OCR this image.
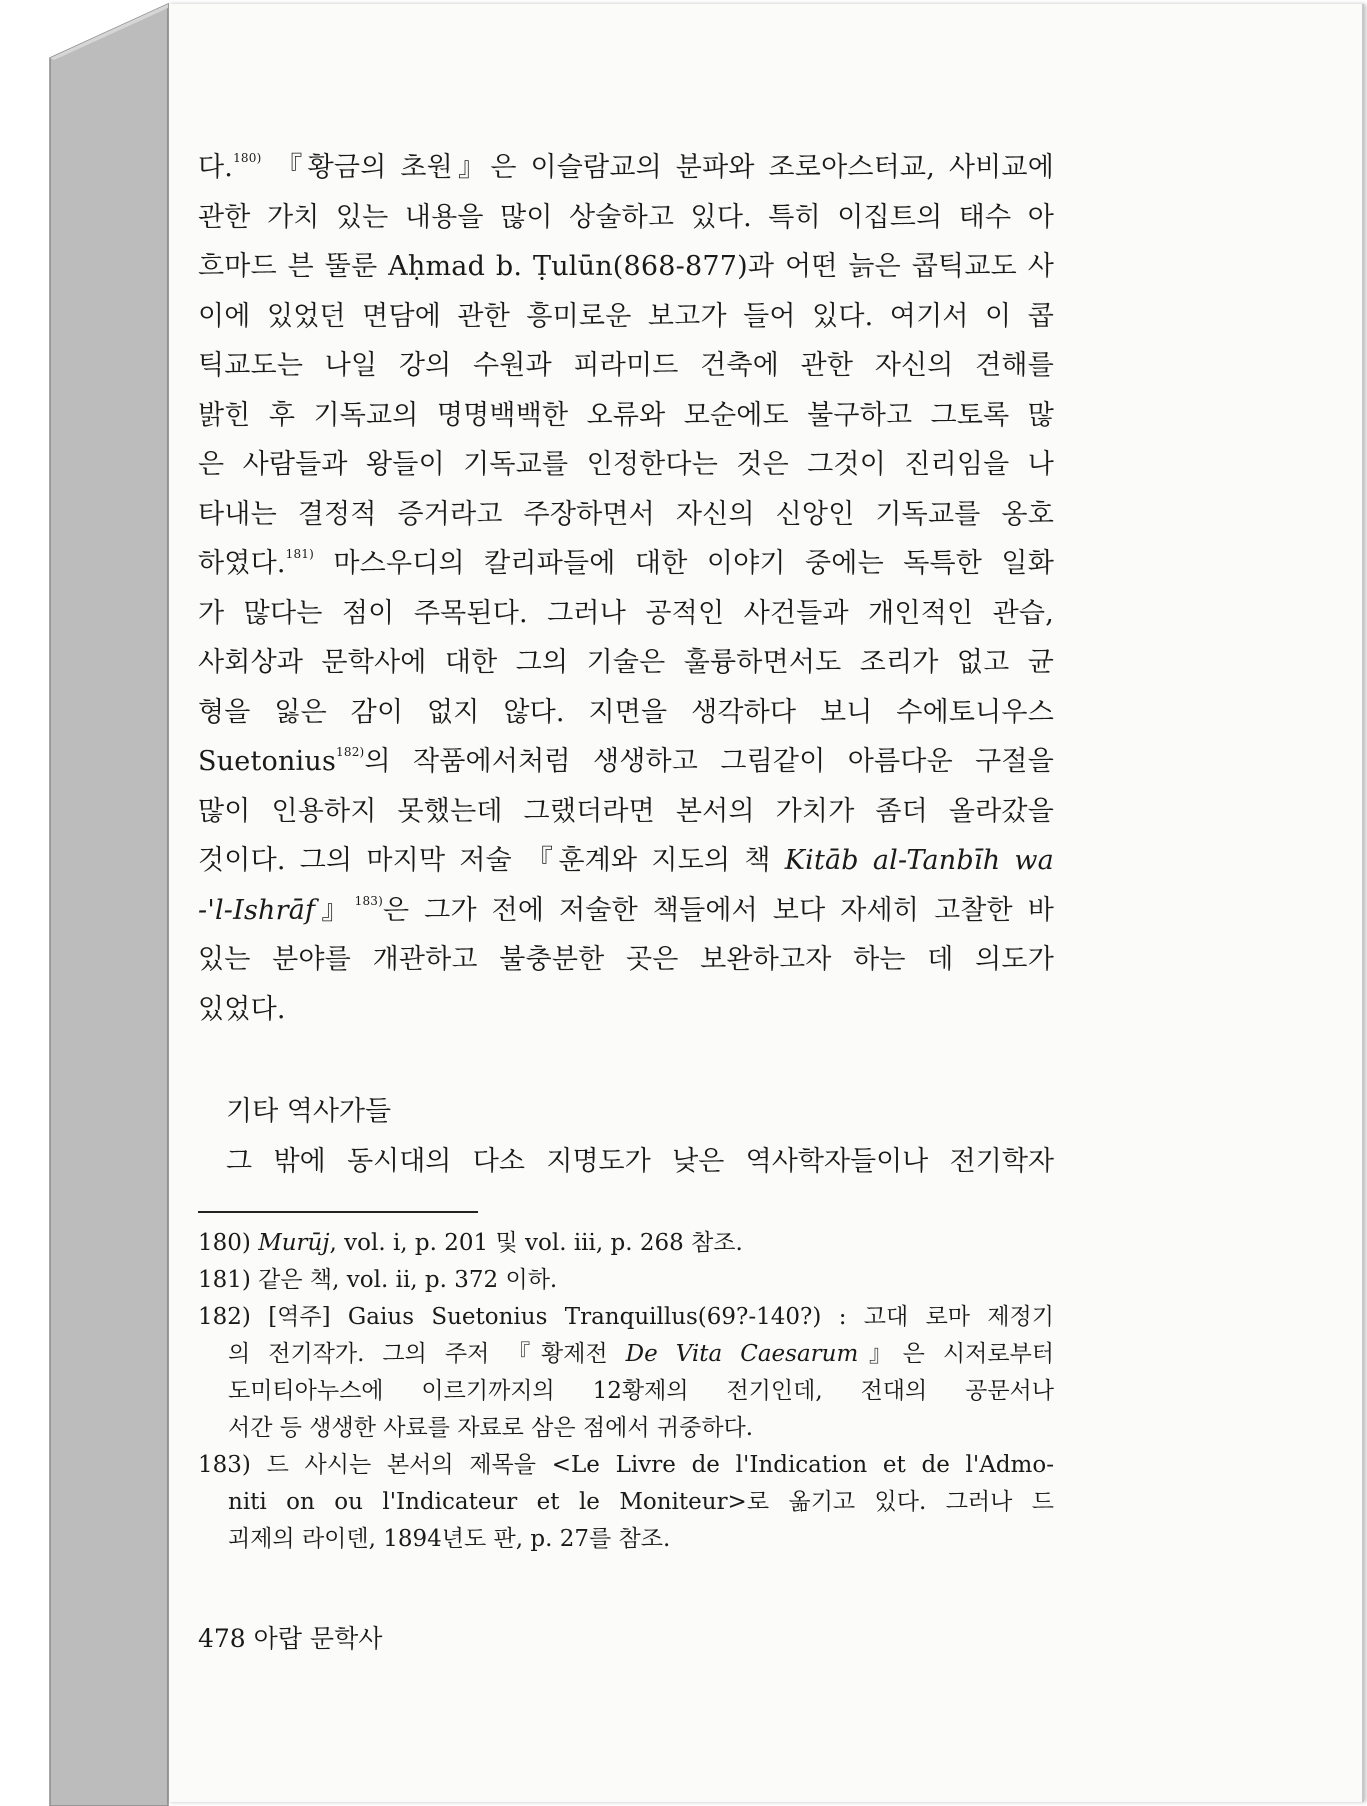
다.$^{180)}$ 『황금의 초원』은 이슬람교의 분파와 조로아스터교, 사비교에
관한 가치 있는 내용을 많이 상술하고 있다. 특히 이집트의 태수 아
흐마드 븐 뚤룬 Aḥmad b. Ṭulūn(868-877)과 어떤 늙은 콥틱교도 사
이에 있었던 면담에 관한 흥미로운 보고가 들어 있다. 여기서 이 콥
틱교도는 나일 강의 수원과 피라미드 건축에 관한 자신의 견해를
밝힌 후 기독교의 명명백백한 오류와 모순에도 불구하고 그토록 많
은 사람들과 왕들이 기독교를 인정한다는 것은 그것이 진리임을 나
타내는 결정적 증거라고 주장하면서 자신의 신앙인 기독교를 옹호
하였다.$^{181)}$ 마스우디의 칼리파들에 대한 이야기 중에는 독특한 일화
가 많다는 점이 주목된다. 그러나 공적인 사건들과 개인적인 관습,
사회상과 문학사에 대한 그의 기술은 훌륭하면서도 조리가 없고 균
형을 잃은 감이 없지 않다. 지면을 생각하다 보니 수에토니우스
Suetonius$^{182)}$의 작품에서처럼 생생하고 그림같이 아름다운 구절을
많이 인용하지 못했는데 그랬더라면 본서의 가치가 좀더 올라갔을
것이다. 그의 마지막 저술 『훈계와 지도의 책 Kitāb al-Tanbīh wa
-'l-Ishrāf』$^{183)}$은 그가 전에 저술한 책들에서 보다 자세히 고찰한 바
있는 분야를 개관하고 불충분한 곳은 보완하고자 하는 데 의도가
있었다.
기타 역사가들
그 밖에 동시대의 다소 지명도가 낮은 역사학자들이나 전기학자
180) Murūj, vol. i, p. 201 및 vol. iii, p. 268 참조.
181) 같은 책, vol. ii, p. 372 이하.
182) [역주] Gaius Suetonius Tranquillus(69?-140?) : 고대 로마 제정기
의 전기작가. 그의 주저 『황제전 De Vita Caesarum』은 시저로부터
도미티아누스에 이르기까지의 12황제의 전기인데, 전대의 공문서나
서간 등 생생한 사료를 자료로 삼은 점에서 귀중하다.
183) 드 사시는 본서의 제목을 <Le Livre de l'Indication et de l'Admo-
niti on ou l'Indicateur et le Moniteur>로 옮기고 있다. 그러나 드
괴제의 라이덴, 1894년도 판, p. 27를 참조.
478 아랍 문학사
